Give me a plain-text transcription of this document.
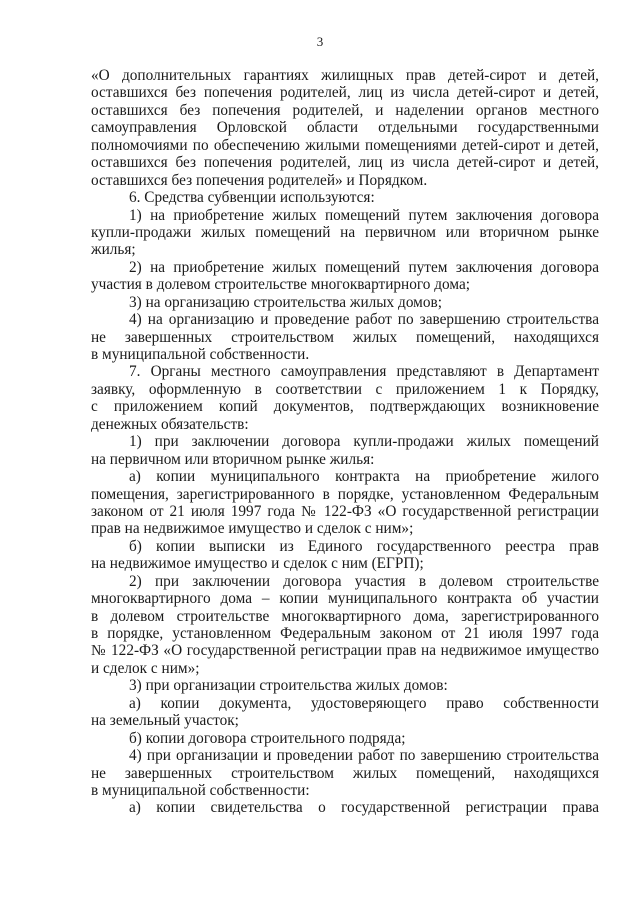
3
«О дополнительных гарантиях жилищных прав детей-сирот и детей,
оставшихся без попечения родителей, лиц из числа детей-сирот и детей,
оставшихся без попечения родителей, и наделении органов местного
самоуправления Орловской области отдельными государственными
полномочиями по обеспечению жилыми помещениями детей-сирот и детей,
оставшихся без попечения родителей, лиц из числа детей-сирот и детей,
оставшихся без попечения родителей» и Порядком.
6. Средства субвенции используются:
1) на приобретение жилых помещений путем заключения договора
купли-продажи жилых помещений на первичном или вторичном рынке
жилья;
2) на приобретение жилых помещений путем заключения договора
участия в долевом строительстве многоквартирного дома;
3) на организацию строительства жилых домов;
4) на организацию и проведение работ по завершению строительства
не завершенных строительством жилых помещений, находящихся
в муниципальной собственности.
7. Органы местного самоуправления представляют в Департамент
заявку, оформленную в соответствии с приложением 1 к Порядку,
с приложением копий документов, подтверждающих возникновение
денежных обязательств:
1) при заключении договора купли-продажи жилых помещений
на первичном или вторичном рынке жилья:
а) копии муниципального контракта на приобретение жилого
помещения, зарегистрированного в порядке, установленном Федеральным
законом от 21 июля 1997 года № 122-ФЗ «О государственной регистрации
прав на недвижимое имущество и сделок с ним»;
б) копии выписки из Единого государственного реестра прав
на недвижимое имущество и сделок с ним (ЕГРП);
2) при заключении договора участия в долевом строительстве
многоквартирного дома – копии муниципального контракта об участии
в долевом строительстве многоквартирного дома, зарегистрированного
в порядке, установленном Федеральным законом от 21 июля 1997 года
№ 122-ФЗ «О государственной регистрации прав на недвижимое имущество
и сделок с ним»;
3) при организации строительства жилых домов:
а) копии документа, удостоверяющего право собственности
на земельный участок;
б) копии договора строительного подряда;
4) при организации и проведении работ по завершению строительства
не завершенных строительством жилых помещений, находящихся
в муниципальной собственности:
а) копии свидетельства о государственной регистрации права
